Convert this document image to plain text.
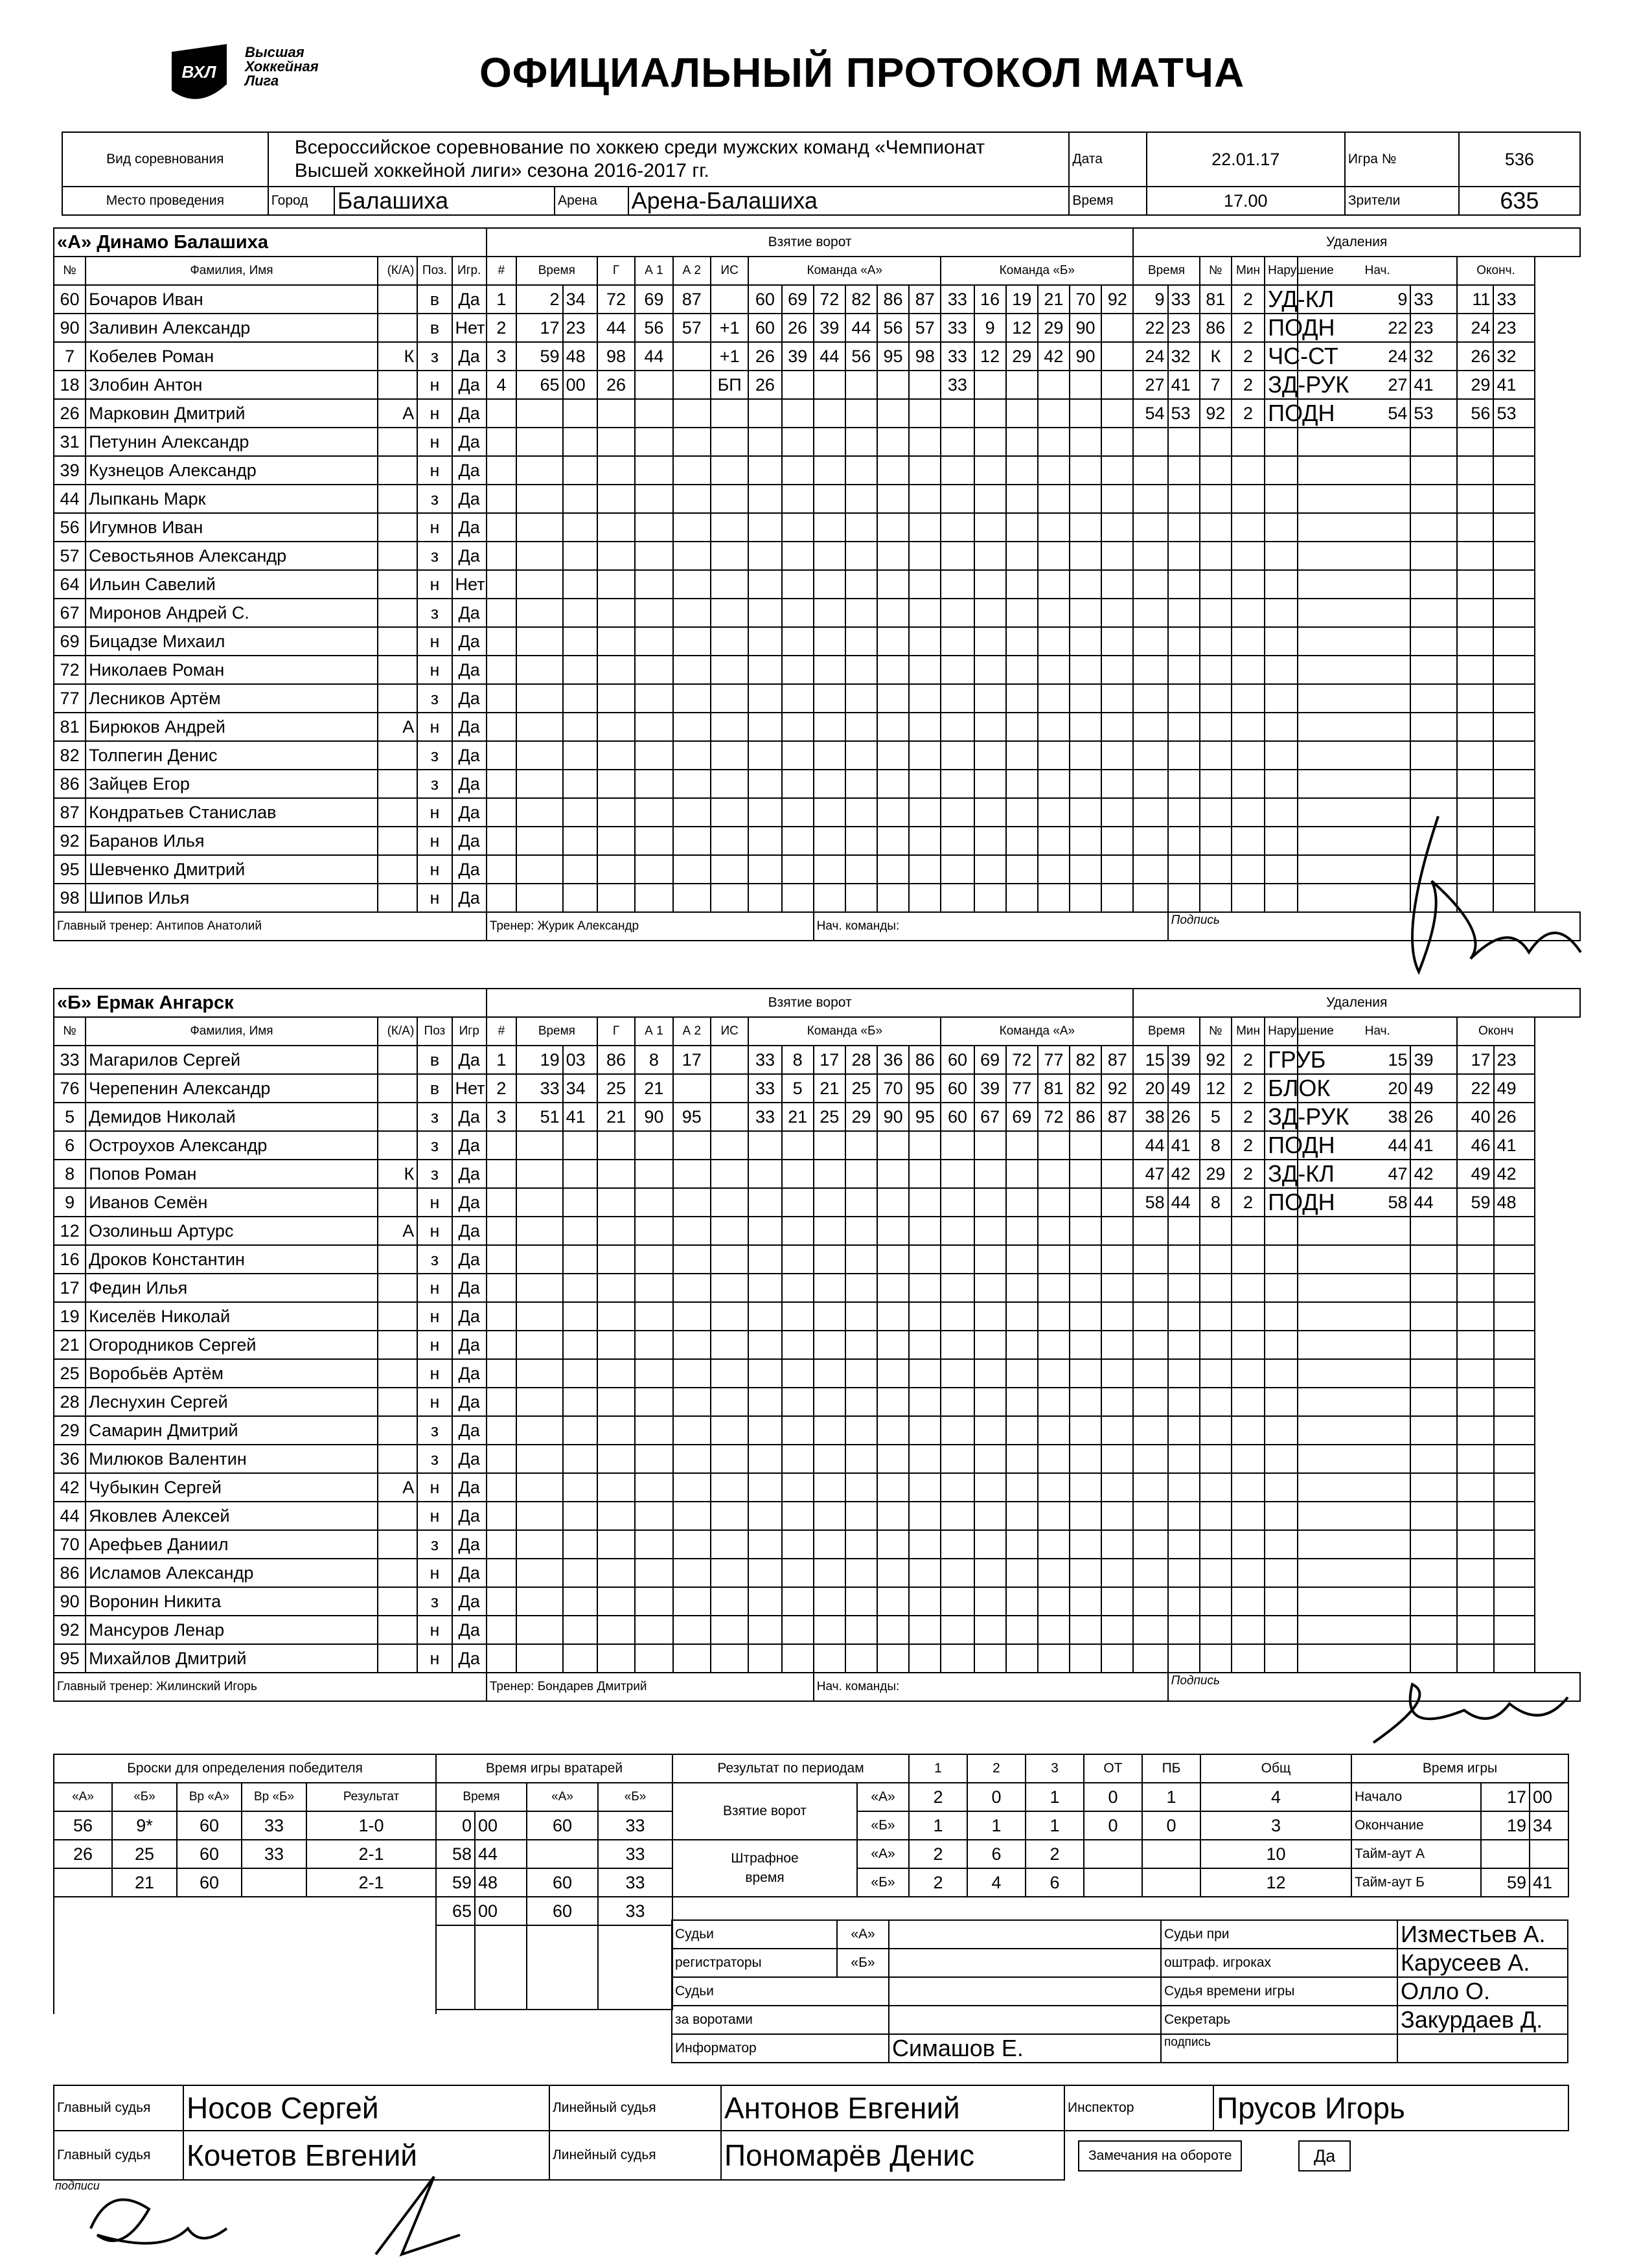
ВХЛ
Высшая
Хоккейная
Лига	ОФИЦИАЛЬНЫЙ ПРОТОКОЛ МАТЧА
Вид соревнования	Всероссийское соревнование по хоккею среди мужских команд «Чемпионат
Высшей хоккейной лиги» сезона 2016-2017 гг.				Дата	22.01.17	Игра №	536
Место проведения	Город	Балашиха	Арена	Арена-Балашиха	Время	17.00	Зрители	635
«А» Динамо Балашиха					Взятие ворот																			Удаления								
№	Фамилия, Имя	(К/А)	Поз.	Игр.	#	Время		Г	А 1	А 2	ИС	Команда «А»						Команда «Б»						Время		№	Мин	Нарушение	Нач.		Оконч.	
60	Бочаров Иван		в	Да	1	2	34	72	69	87		60	69	72	82	86	87	33	16	19	21	70	92	9	33	81	2	УД-КЛ	9	33	11	33
90	Заливин Александр		в	Нет	2	17	23	44	56	57	+1	60	26	39	44	56	57	33	9	12	29	90		22	23	86	2	ПОДН	22	23	24	23
7	Кобелев Роман	К	з	Да	3	59	48	98	44		+1	26	39	44	56	95	98	33	12	29	42	90		24	32	К	2	ЧС-СТ	24	32	26	32
18	Злобин Антон		н	Да	4	65	00	26			БП	26						33						27	41	7	2	ЗД-РУК	27	41	29	41
26	Марковин Дмитрий	А	н	Да																				54	53	92	2	ПОДН	54	53	56	53
31	Петунин Александр		н	Да																												
39	Кузнецов Александр		н	Да																												
44	Лыпкань Марк		з	Да																												
56	Игумнов Иван		н	Да																												
57	Севостьянов Александр		з	Да																												
64	Ильин Савелий		н	Нет																												
67	Миронов Андрей С.		з	Да																												
69	Бицадзе Михаил		н	Да																												
72	Николаев Роман		н	Да																												
77	Лесников Артём		з	Да																												
81	Бирюков Андрей	А	н	Да																												
82	Толпегин Денис		з	Да																												
86	Зайцев Егор		з	Да																												
87	Кондратьев Станислав		н	Да																												
92	Баранов Илья		н	Да																												
95	Шевченко Дмитрий		н	Да																												
98	Шипов Илья		н	Да																												
Главный тренер: Антипов Анатолий					Тренер: Журик Александр									Нач. команды:											Подпись							
«Б» Ермак Ангарск					Взятие ворот																			Удаления								
№	Фамилия, Имя	(К/А)	Поз	Игр	#	Время		Г	А 1	А 2	ИС	Команда «Б»						Команда «А»						Время		№	Мин	Нарушение	Нач.		Оконч	
33	Магарилов Сергей		в	Да	1	19	03	86	8	17		33	8	17	28	36	86	60	69	72	77	82	87	15	39	92	2	ГРУБ	15	39	17	23
76	Черепенин Александр		в	Нет	2	33	34	25	21			33	5	21	25	70	95	60	39	77	81	82	92	20	49	12	2	БЛОК	20	49	22	49
5	Демидов Николай		з	Да	3	51	41	21	90	95		33	21	25	29	90	95	60	67	69	72	86	87	38	26	5	2	ЗД-РУК	38	26	40	26
6	Остроухов Александр		з	Да																				44	41	8	2	ПОДН	44	41	46	41
8	Попов Роман	К	з	Да																				47	42	29	2	ЗД-КЛ	47	42	49	42
9	Иванов Семён		н	Да																				58	44	8	2	ПОДН	58	44	59	48
12	Озолиньш Артурс	А	н	Да																												
16	Дроков Константин		з	Да																												
17	Федин Илья		н	Да																												
19	Киселёв Николай		н	Да																												
21	Огородников Сергей		н	Да																												
25	Воробьёв Артём		н	Да																												
28	Леснухин Сергей		н	Да																												
29	Самарин Дмитрий		з	Да																												
36	Милюков Валентин		з	Да																												
42	Чубыкин Сергей	А	н	Да																												
44	Яковлев Алексей		н	Да																												
70	Арефьев Даниил		з	Да																												
86	Исламов Александр		н	Да																												
90	Воронин Никита		з	Да																												
92	Мансуров Ленар		н	Да																												
95	Михайлов Дмитрий		н	Да																												
Главный тренер: Жилинский Игорь					Тренер: Бондарев Дмитрий									Нач. команды:											Подпись							
Броски для определения победителя				
«А»	«Б»	Вр «А»	Вр «Б»	Результат
56	9*	60	33	1-0
26	25	60	33	2-1
	21	60		2-1

Время игры вратарей			
Время		«А»	«Б»
0	00	60	33
58	44		33
59	48	60	33
65	00	60	33

Результат по периодам		1	2	3	ОТ	ПБ	Общ
Взятие ворот	«А»	2	0	1	0	1	4
	«Б»	1	1	1	0	0	3
Штрафное время	«А»	2	6	2			10
	«Б»	2	4	6			12
Время игры		
Начало	17	00
Окончание	19	34
Тайм-аут А		
Тайм-аут Б	59	41
	Судьи	«А»		Судьи при	Изместьев А.
	регистраторы	«Б»		оштраф. игроках	Карусеев А.
	Судьи			Судья времени игры	Олло О.
	за воротами			Секретарь	Закурдаев Д.
	Информатор		Симашов Е.	подпись	
Главный судья	Носов Сергей	Линейный судья	Антонов Евгений	Инспектор	Прусов Игорь
Главный судья	Кочетов Евгений	Линейный судья	Пономарёв Денис	Замечания на обороте Да	
подписи
